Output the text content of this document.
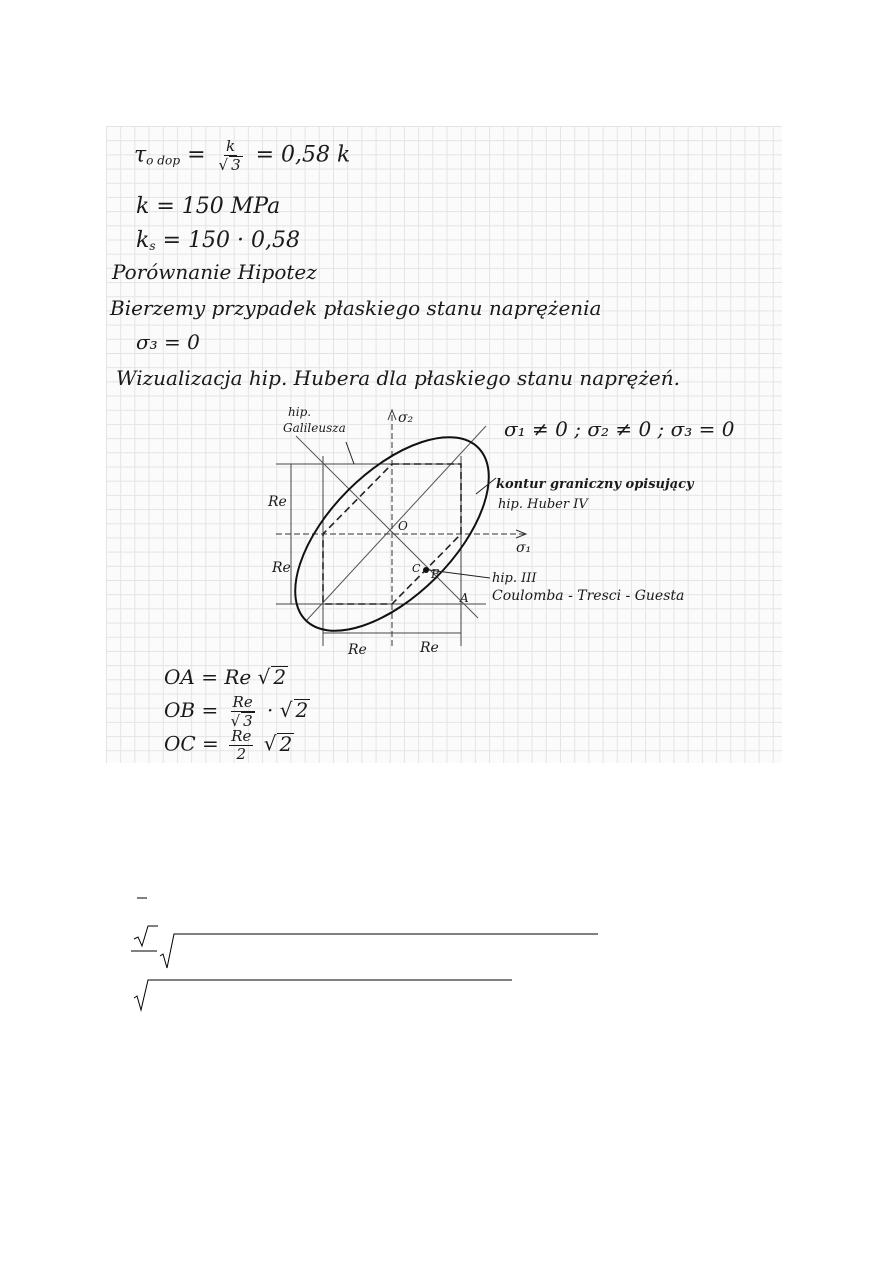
$\tau_{o dop} = \frac{k}{√ 3} = 0,58$ k
k = 150 MPa
$k_s = 150 \cdot 0,58$
Porównanie Hipotez
Bierzemy przypadek płaskiego stanu naprężenia
σ₃ = 0
Wizualizacja hip. Hubera dla płaskiego stanu naprężeń.
hip.
Galileusza
σ₂
σ₁
O
σ₁ ≠ 0 ; σ₂ ≠ 0 ; σ₃ = 0
kontur graniczny opisujący
hip. Huber IV
hip. III
Coulomba - Tresci - Guesta
A
B
C
Re
Re
Re	Re
OA = Re √ 2
OB = $\frac{Re}{√ 3}$ · √ 2
OC = $\frac{Re}{2}$ √ 2
